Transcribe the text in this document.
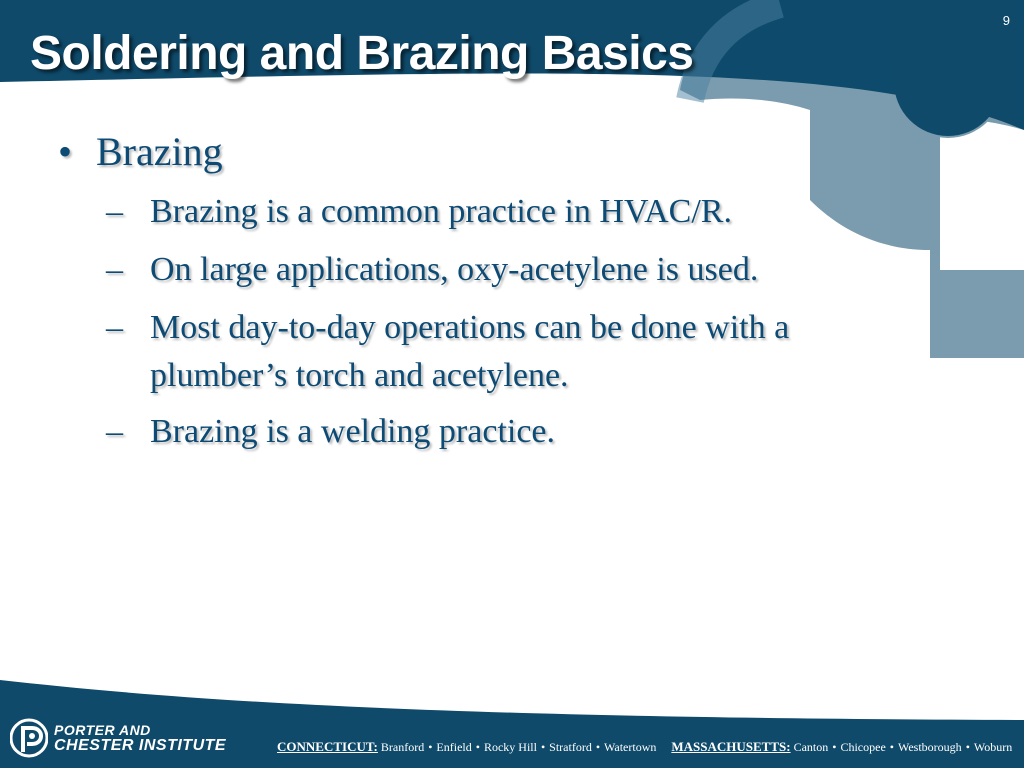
9
Soldering and Brazing Basics
• Brazing
– Brazing is a common practice in HVAC/R.
– On large applications, oxy-acetylene is used.
– Most day-to-day operations can be done with a plumber’s torch and acetylene.
– Brazing is a welding practice.
PORTER AND
CHESTER INSTITUTE	CONNECTICUT: Branford • Enfield • Rocky Hill • Stratford • Watertown MASSACHUSETTS: Canton • Chicopee • Westborough • Woburn
